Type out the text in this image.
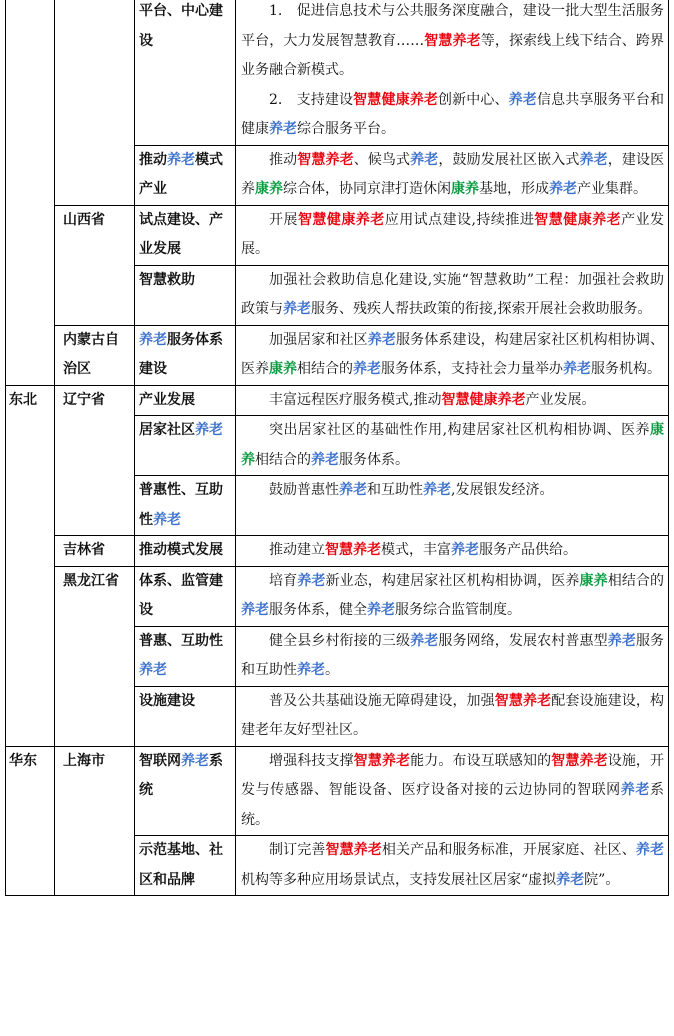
		平台、中心建设	1.　促进信息技术与公共服务深度融合，建设一批大型生活服务平台，大力发展智慧教育……智慧养老等，探索线上线下结合、跨界业务融合新模式。

2.　支持建设智慧健康养老创新中心、养老信息共享服务平台和健康养老综合服务平台。

		推动养老模式产业	推动智慧养老、候鸟式养老，鼓励发展社区嵌入式养老，建设医养康养综合体，协同京津打造休闲康养基地，形成养老产业集群。

	山西省	试点建设、产业发展	开展智慧健康养老应用试点建设,持续推进智慧健康养老产业发展。

		智慧救助	加强社会救助信息化建设,实施“智慧救助”工程：加强社会救助政策与养老服务、残疾人帮扶政策的衔接,探索开展社会救助服务。

	内蒙古自治区	养老服务体系建设	加强居家和社区养老服务体系建设，构建居家社区机构相协调、医养康养相结合的养老服务体系，支持社会力量举办养老服务机构。

东北	辽宁省	产业发展	丰富远程医疗服务模式,推动智慧健康养老产业发展。

		居家社区养老	突出居家社区的基础性作用,构建居家社区机构相协调、医养康养相结合的养老服务体系。

		普惠性、互助性养老	鼓励普惠性养老和互助性养老,发展银发经济。

	吉林省	推动模式发展	推动建立智慧养老模式，丰富养老服务产品供给。

	黑龙江省	体系、监管建设	培育养老新业态，构建居家社区机构相协调，医养康养相结合的养老服务体系，健全养老服务综合监管制度。

		普惠、互助性养老	健全县乡村衔接的三级养老服务网络，发展农村普惠型养老服务和互助性养老。

		设施建设	普及公共基础设施无障碍建设，加强智慧养老配套设施建设，构建老年友好型社区。

华东	上海市	智联网养老系统	增强科技支撑智慧养老能力。布设互联感知的智慧养老设施，开发与传感器、智能设备、医疗设备对接的云边协同的智联网养老系统。

		示范基地、社区和品牌	制订完善智慧养老相关产品和服务标准，开展家庭、社区、养老机构等多种应用场景试点，支持发展社区居家“虚拟养老院”。
